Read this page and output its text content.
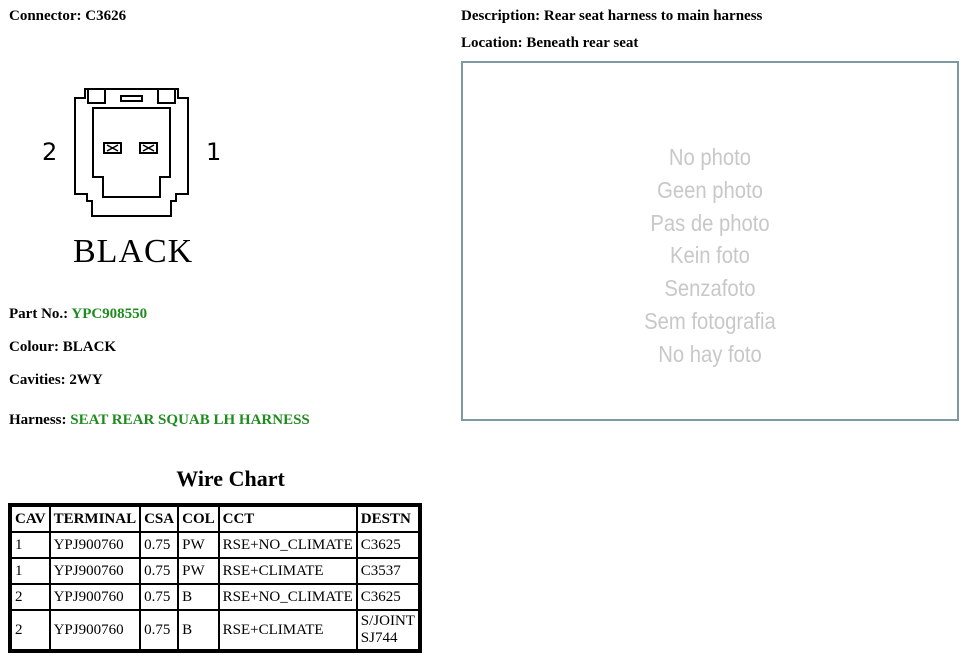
Connector: C3626	Description: Rear seat harness to main harness
Location: Beneath rear seat
2	1
BLACK
Part No.: YPC908550
Colour: BLACK
Cavities: 2WY
Harness: SEAT REAR SQUAB LH HARNESS
No photo
Geen photo
Pas de photo
Kein foto
Senzafoto
Sem fotografia
No hay foto
Wire Chart
CAV	TERMINAL	CSA	COL	CCT	DESTN
1	YPJ900760	0.75	PW	RSE+NO_CLIMATE	C3625
1	YPJ900760	0.75	PW	RSE+CLIMATE	C3537
2	YPJ900760	0.75	B	RSE+NO_CLIMATE	C3625
2	YPJ900760	0.75	B	RSE+CLIMATE	S/JOINT
SJ744
